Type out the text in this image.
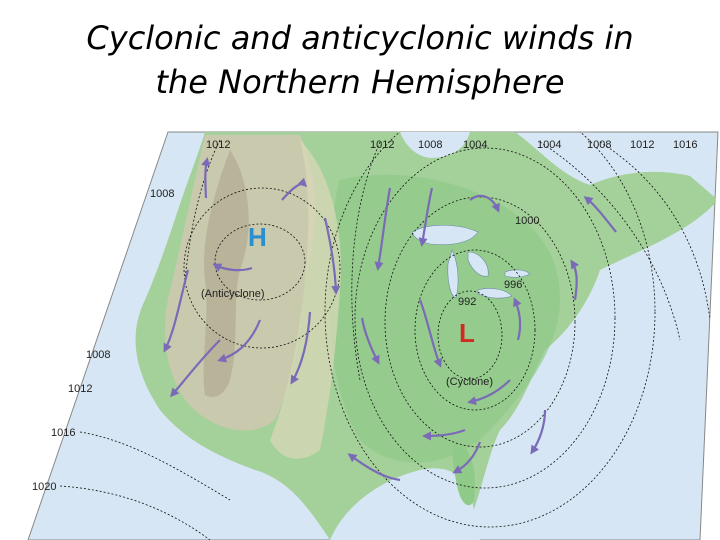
Cyclonic and anticyclonic winds in
the Northern Hemisphere
1012	1012 1008 1004	1004 1008 1012 1016
1008
1008
1012
1016
1020
1000
996
992
H
(Anticyclone)
L
(Cyclone)
